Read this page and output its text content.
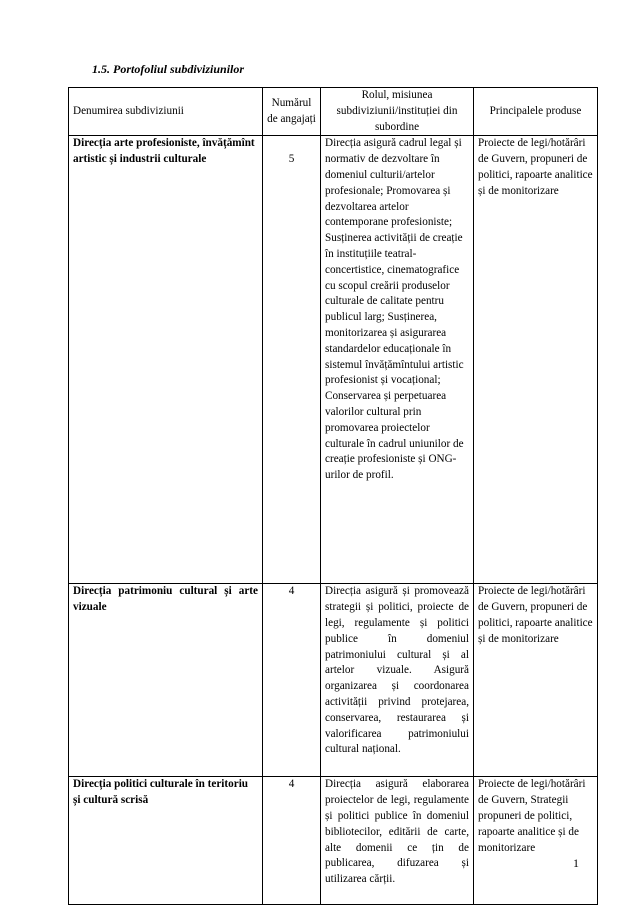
1.5. Portofoliul subdiviziunilor
Denumirea subdiviziunii	Numărul de angajați	Rolul, misiunea subdiviziunii/instituției din subordine	Principalele produse
Direcția arte profesioniste, învățămînt artistic și industrii culturale	5	Direcția asigură cadrul legal și normativ de dezvoltare în domeniul culturii/artelor profesionale; Promovarea și dezvoltarea artelor contemporane profesioniste; Susținerea activității de creație în instituțiile teatral-concertistice, cinematografice cu scopul creării produselor culturale de calitate pentru publicul larg; Susținerea, monitorizarea și asigurarea standardelor educaționale în sistemul învățămîntului artistic profesionist și vocațional; Conservarea și perpetuarea valorilor cultural prin promovarea proiectelor culturale în cadrul uniunilor de creație profesioniste și ONG-urilor de profil.	Proiecte de legi/hotărâri de Guvern, propuneri de politici, rapoarte analitice și de monitorizare
Direcția patrimoniu cultural și arte vizuale	4	Direcția asigură și promovează strategii și politici, proiecte de legi, regulamente și politici publice în domeniul patrimoniului cultural și al artelor vizuale. Asigură organizarea și coordonarea activității privind protejarea, conservarea, restaurarea și valorificarea patrimoniului cultural național.	Proiecte de legi/hotărâri de Guvern, propuneri de politici, rapoarte analitice și de monitorizare
Direcția politici culturale în teritoriu și cultură scrisă	4	Direcția asigură elaborarea proiectelor de legi, regulamente și politici publice în domeniul bibliotecilor, editării de carte, alte domenii ce țin de publicarea, difuzarea și utilizarea cărții.	Proiecte de legi/hotărâri de Guvern, Strategii propuneri de politici, rapoarte analitice și de monitorizare
1
